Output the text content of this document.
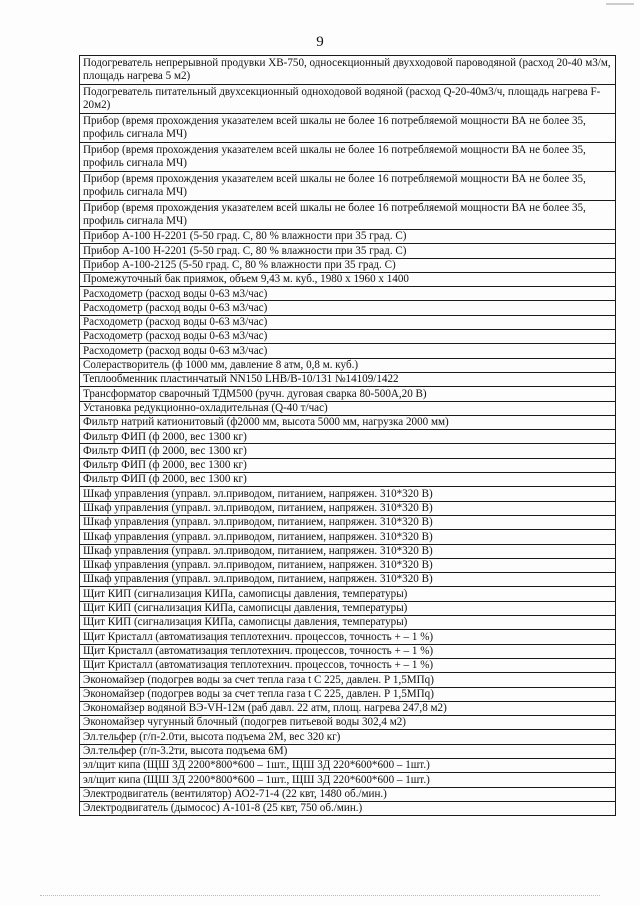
9
Подогреватель непрерывной продувки ХВ-750, односекционный двухходовой пароводяной (расход 20-40 м3/м, площадь нагрева 5 м2)
Подогреватель питательный двухсекционный одноходовой водяной (расход Q-20-40м3/ч, площадь нагрева F-20м2)
Прибор (время прохождения указателем всей шкалы не более 16 потребляемой мощности ВА не более 35, профиль сигнала МЧ)
Прибор (время прохождения указателем всей шкалы не более 16 потребляемой мощности ВА не более 35, профиль сигнала МЧ)
Прибор (время прохождения указателем всей шкалы не более 16 потребляемой мощности ВА не более 35, профиль сигнала МЧ)
Прибор (время прохождения указателем всей шкалы не более 16 потребляемой мощности ВА не более 35, профиль сигнала МЧ)
Прибор А-100 Н-2201 (5-50 град. С, 80 % влажности при 35 град. С)
Прибор А-100 Н-2201 (5-50 град. С, 80 % влажности при 35 град. С)
Прибор А-100-2125 (5-50 град. С, 80 % влажности при 35 град. С)
Промежуточный бак приямок, объем 9,43 м. куб., 1980 х 1960 х 1400
Расходометр (расход воды 0-63 м3/час)
Расходометр (расход воды 0-63 м3/час)
Расходометр (расход воды 0-63 м3/час)
Расходометр (расход воды 0-63 м3/час)
Расходометр (расход воды 0-63 м3/час)
Солерастворитель (ф 1000 мм, давление 8 атм, 0,8 м. куб.)
Теплообменник пластинчатый NN150 LHB/B-10/131 №14109/1422
Трансформатор сварочный ТДМ500 (ручн. дуговая сварка 80-500А,20 В)
Установка редукционно-охладительная (Q-40 т/час)
Фильтр натрий катионитовый (ф2000 мм, высота 5000 мм, нагрузка 2000 мм)
Фильтр ФИП (ф 2000, вес 1300 кг)
Фильтр ФИП (ф 2000, вес 1300 кг)
Фильтр ФИП (ф 2000, вес 1300 кг)
Фильтр ФИП (ф 2000, вес 1300 кг)
Шкаф управления (управл. эл.приводом, питанием, напряжен. 310*320 В)
Шкаф управления (управл. эл.приводом, питанием, напряжен. 310*320 В)
Шкаф управления (управл. эл.приводом, питанием, напряжен. 310*320 В)
Шкаф управления (управл. эл.приводом, питанием, напряжен. 310*320 В)
Шкаф управления (управл. эл.приводом, питанием, напряжен. 310*320 В)
Шкаф управления (управл. эл.приводом, питанием, напряжен. 310*320 В)
Шкаф управления (управл. эл.приводом, питанием, напряжен. 310*320 В)
Щит КИП (сигнализация КИПа, самописцы давления, температуры)
Щит КИП (сигнализация КИПа, самописцы давления, температуры)
Щит КИП (сигнализация КИПа, самописцы давления, температуры)
Щит Кристалл (автоматизация теплотехнич. процессов, точность + – 1 %)
Щит Кристалл (автоматизация теплотехнич. процессов, точность + – 1 %)
Щит Кристалл (автоматизация теплотехнич. процессов, точность + – 1 %)
Экономайзер (подогрев воды за счет тепла газа t С 225, давлен. Р 1,5МПq)
Экономайзер (подогрев воды за счет тепла газа t С 225, давлен. Р 1,5МПq)
Экономайзер водяной ВЭ-VH-12м (раб давл. 22 атм, площ. нагрева 247,8 м2)
Экономайзер чугунный блочный (подогрев питьевой воды 302,4 м2)
Эл.тельфер (г/п-2.0ти, высота подъема 2М, вес 320 кг)
Эл.тельфер (г/п-3.2ти, высота подъема 6М)
эл/щит кипа (ЩШ 3Д 2200*800*600 – 1шт., ЩШ 3Д 220*600*600 – 1шт.)
эл/щит кипа (ЩШ 3Д 2200*800*600 – 1шт., ЩШ 3Д 220*600*600 – 1шт.)
Электродвигатель (вентилятор) АО2-71-4 (22 квт, 1480 об./мин.)
Электродвигатель (дымосос) А-101-8 (25 квт, 750 об./мин.)
